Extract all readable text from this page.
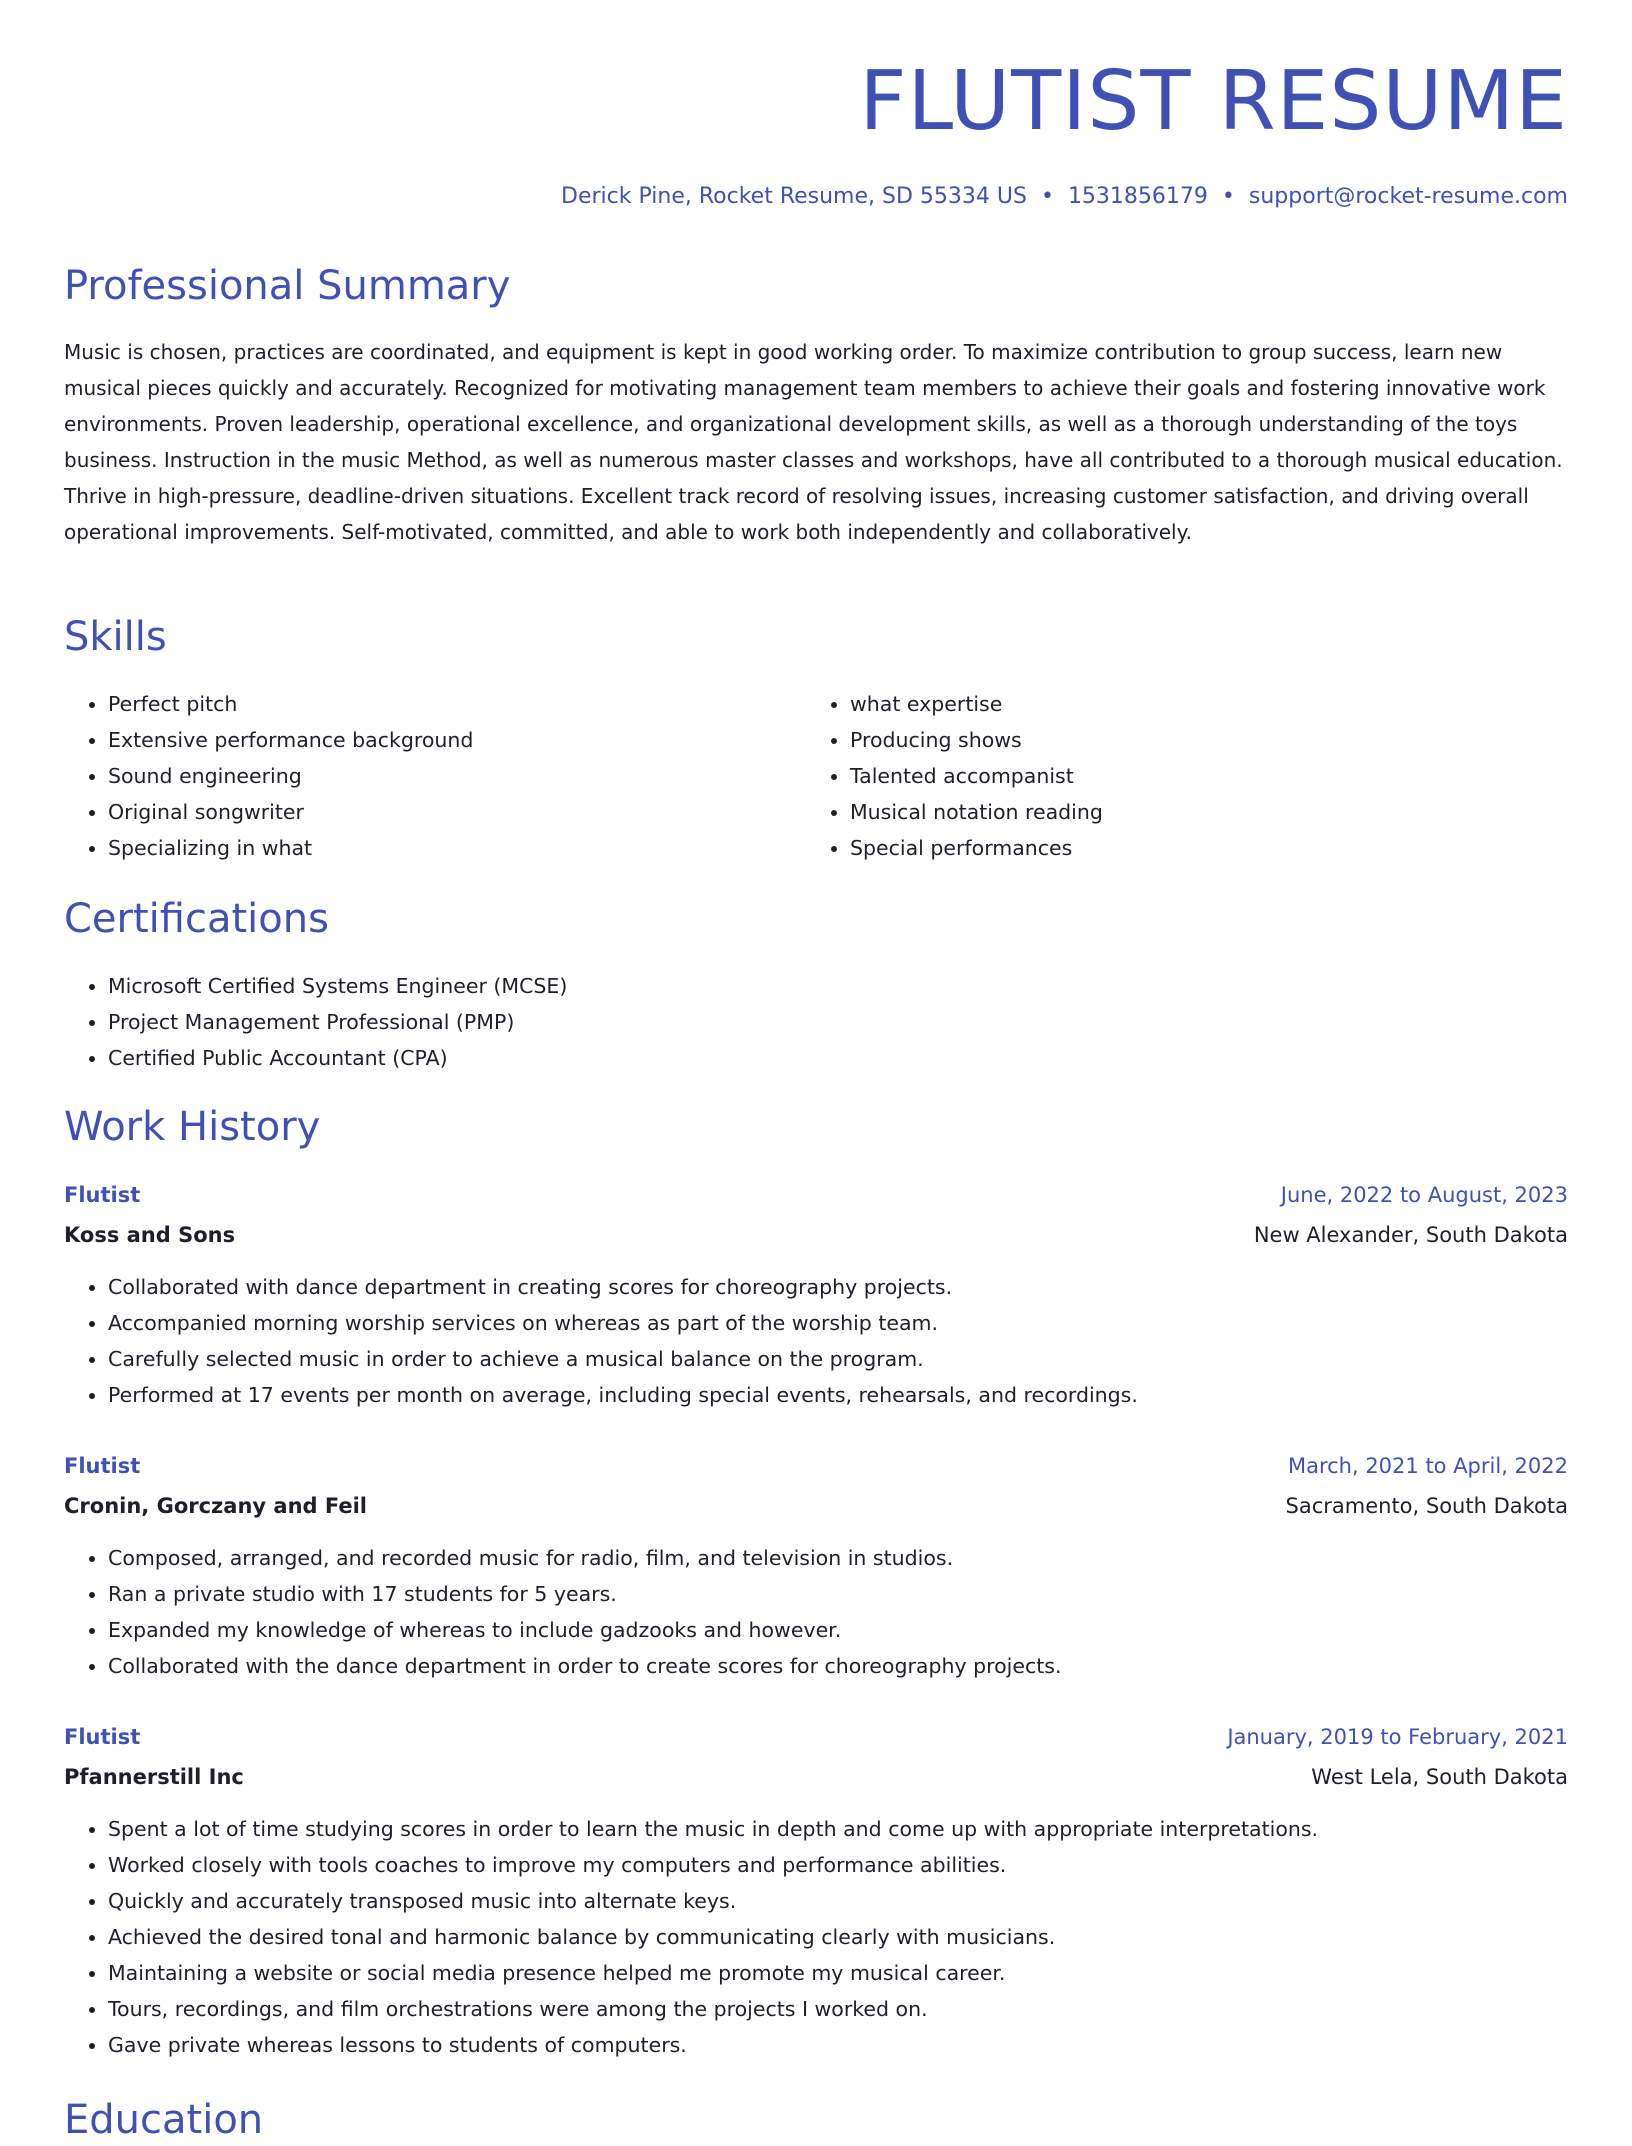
FLUTIST RESUME
Derick Pine, Rocket Resume, SD 55334 US • 1531856179 • support@rocket-resume.com
Professional Summary

Music is chosen, practices are coordinated, and equipment is kept in good working order. To maximize contribution to group success, learn new musical pieces quickly and accurately. Recognized for motivating management team members to achieve their goals and fostering innovative work environments. Proven leadership, operational excellence, and organizational development skills, as well as a thorough understanding of the toys business. Instruction in the music Method, as well as numerous master classes and workshops, have all contributed to a thorough musical education. Thrive in high-pressure, deadline-driven situations. Excellent track record of resolving issues, increasing customer satisfaction, and driving overall operational improvements. Self-motivated, committed, and able to work both independently and collaboratively.

Skills
• Perfect pitch
• Extensive performance background
• Sound engineering
• Original songwriter
• Specializing in what
• what expertise
• Producing shows
• Talented accompanist
• Musical notation reading
• Special performances
Certifications
• Microsoft Certified Systems Engineer (MCSE)
• Project Management Professional (PMP)
• Certified Public Accountant (CPA)
Work History
Flutist	June, 2022 to August, 2023
Koss and Sons	New Alexander, South Dakota
• Collaborated with dance department in creating scores for choreography projects.
• Accompanied morning worship services on whereas as part of the worship team.
• Carefully selected music in order to achieve a musical balance on the program.
• Performed at 17 events per month on average, including special events, rehearsals, and recordings.
Flutist	March, 2021 to April, 2022
Cronin, Gorczany and Feil	Sacramento, South Dakota
• Composed, arranged, and recorded music for radio, film, and television in studios.
• Ran a private studio with 17 students for 5 years.
• Expanded my knowledge of whereas to include gadzooks and however.
• Collaborated with the dance department in order to create scores for choreography projects.
Flutist	January, 2019 to February, 2021
Pfannerstill Inc	West Lela, South Dakota
• Spent a lot of time studying scores in order to learn the music in depth and come up with appropriate interpretations.
• Worked closely with tools coaches to improve my computers and performance abilities.
• Quickly and accurately transposed music into alternate keys.
• Achieved the desired tonal and harmonic balance by communicating clearly with musicians.
• Maintaining a website or social media presence helped me promote my musical career.
• Tours, recordings, and film orchestrations were among the projects I worked on.
• Gave private whereas lessons to students of computers.
Education
